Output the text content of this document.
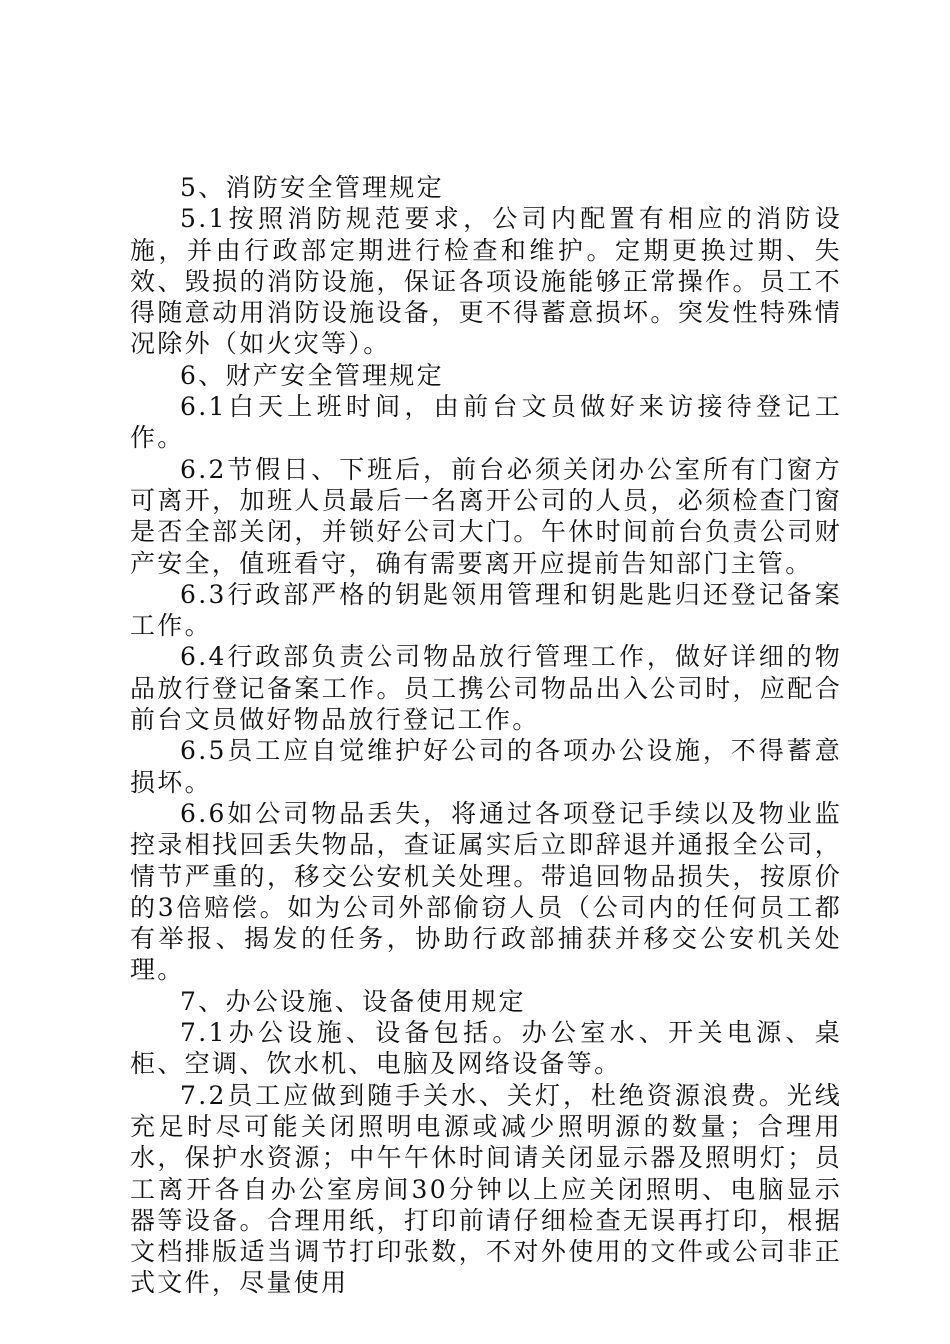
5、消防安全管理规定

5.1按照消防规范要求，公司内配置有相应的消防设施，并由行政部定期进行检查和维护。定期更换过期、失效、毁损的消防设施，保证各项设施能够正常操作。员工不得随意动用消防设施设备，更不得蓄意损坏。突发性特殊情况除外（如火灾等）。

6、财产安全管理规定

6.1白天上班时间，由前台文员做好来访接待登记工作。

6.2节假日、下班后，前台必须关闭办公室所有门窗方可离开，加班人员最后一名离开公司的人员，必须检查门窗是否全部关闭，并锁好公司大门。午休时间前台负责公司财产安全，值班看守，确有需要离开应提前告知部门主管。

6.3行政部严格的钥匙领用管理和钥匙匙归还登记备案工作。

6.4行政部负责公司物品放行管理工作，做好详细的物品放行登记备案工作。员工携公司物品出入公司时，应配合前台文员做好物品放行登记工作。

6.5员工应自觉维护好公司的各项办公设施，不得蓄意损坏。

6.6如公司物品丢失，将通过各项登记手续以及物业监控录相找回丢失物品，查证属实后立即辞退并通报全公司，情节严重的，移交公安机关处理。带追回物品损失，按原价的3倍赔偿。如为公司外部偷窃人员（公司内的任何员工都有举报、揭发的任务，协助行政部捕获并移交公安机关处理。

7、办公设施、设备使用规定

7.1办公设施、设备包括。办公室水、开关电源、桌柜、空调、饮水机、电脑及网络设备等。

7.2员工应做到随手关水、关灯，杜绝资源浪费。光线充足时尽可能关闭照明电源或减少照明源的数量；合理用水，保护水资源；中午午休时间请关闭显示器及照明灯；员工离开各自办公室房间30分钟以上应关闭照明、电脑显示器等设备。合理用纸，打印前请仔细检查无误再打印，根据文档排版适当调节打印张数，不对外使用的文件或公司非正式文件，尽量使用
